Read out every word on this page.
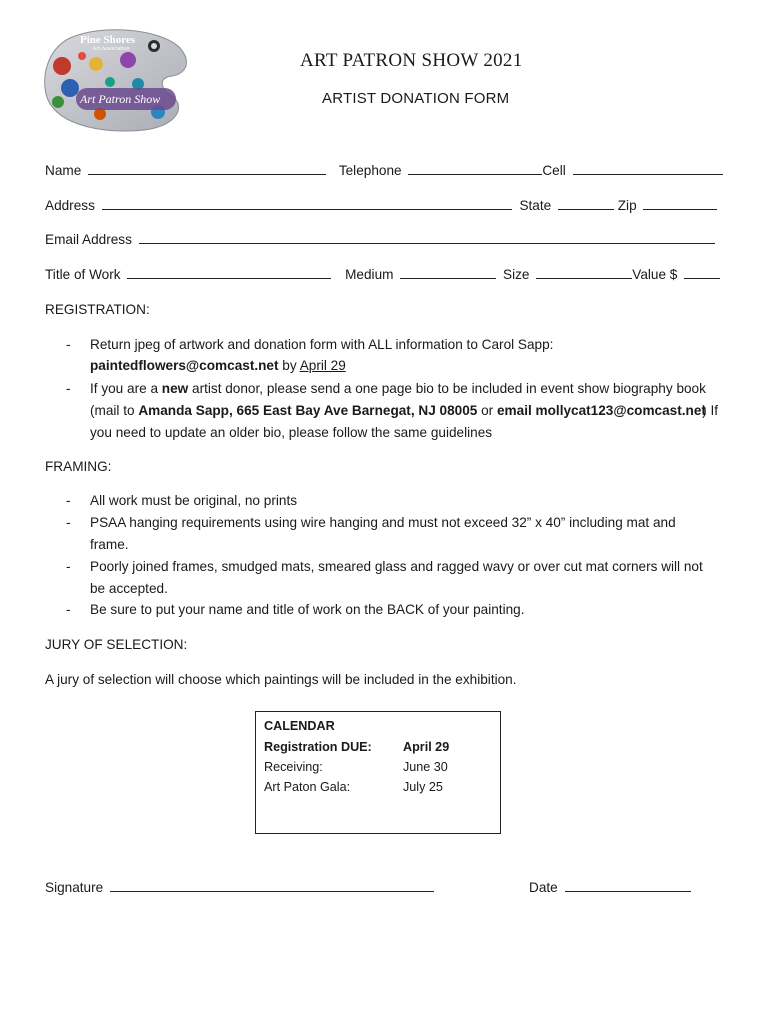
Pine Shores
Art Association
Art Patron Show
ART PATRON SHOW 2021
ARTIST DONATION FORM
Name	Telephone	Cell
Address	State	Zip
Email Address
Title of Work	Medium	Size	Value $
REGISTRATION:
- Return jpeg of artwork and donation form with ALL information to Carol Sapp:
paintedflowers@comcast.net by April 29
- If you are a new artist donor, please send a one page bio to be included in event show biography book
(mail to Amanda Sapp, 665 East Bay Ave Barnegat, NJ 08005 or email mollycat123@comcast.net
) If
you need to update an older bio, please follow the same guidelines
FRAMING:
- All work must be original, no prints
- PSAA hanging requirements using wire hanging and must not exceed 32” x 40” including mat and
frame.
- Poorly joined frames, smudged mats, smeared glass and ragged wavy or over cut mat corners will not
be accepted.
- Be sure to put your name and title of work on the BACK of your painting.
JURY OF SELECTION:
A jury of selection will choose which paintings will be included in the exhibition.
CALENDAR
Registration DUE: April 29
Receiving:	June 30
Art Paton Gala:	July 25
Signature	Date
